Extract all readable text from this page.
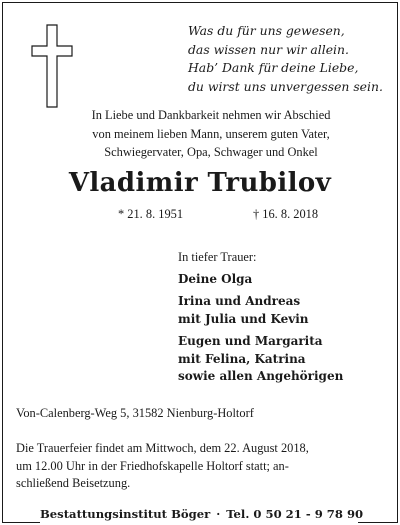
Was du für uns gewesen,
das wissen nur wir allein.
Hab’ Dank für deine Liebe,
du wirst uns unvergessen sein.
In Liebe und Dankbarkeit nehmen wir Abschied
von meinem lieben Mann, unserem guten Vater,
Schwiegervater, Opa, Schwager und Onkel
Vladimir Trubilov
* 21. 8. 1951	† 16. 8. 2018
In tiefer Trauer:
Deine Olga
Irina und Andreas
mit Julia und Kevin
Eugen und Margarita
mit Felina, Katrina
sowie allen Angehörigen
Von-Calenberg-Weg 5, 31582 Nienburg-Holtorf
Die Trauerfeier findet am Mittwoch, dem 22. August 2018,
um 12.00 Uhr in der Friedhofskapelle Holtorf statt; an-
schließend Beisetzung.
Bestattungsinstitut Böger · Tel. 0 50 21 - 9 78 90
